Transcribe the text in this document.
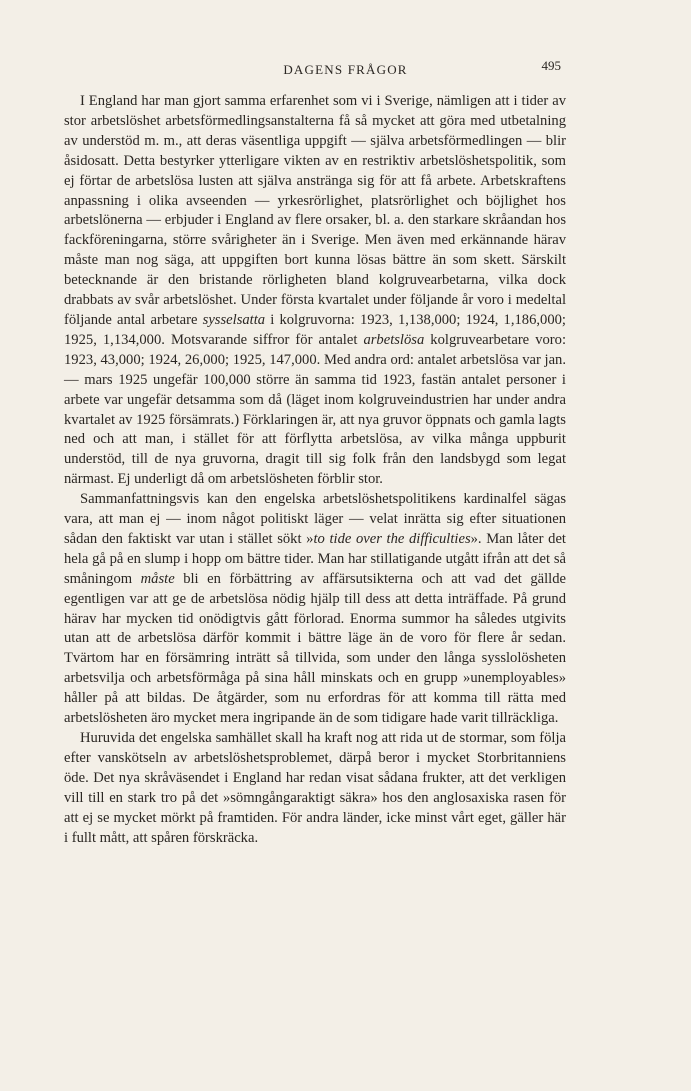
DAGENS FRÅGOR	495

I England har man gjort samma erfarenhet som vi i Sverige, nämligen att i tider av stor arbetslöshet arbetsförmedlingsanstalterna få så mycket att göra med utbetalning av understöd m. m., att deras väsentliga uppgift — själva arbetsförmedlingen — blir åsidosatt. Detta bestyrker ytterligare vikten av en restriktiv arbetslöshetspolitik, som ej förtar de arbetslösa lusten att själva anstränga sig för att få arbete. Arbetskraftens anpassning i olika avseenden — yrkesrörlighet, platsrörlighet och böjlighet hos arbetslönerna — erbjuder i England av flere orsaker, bl. a. den starkare skråandan hos fackföreningarna, större svårigheter än i Sverige. Men även med erkännande härav måste man nog säga, att uppgiften bort kunna lösas bättre än som skett. Särskilt betecknande är den bristande rörligheten bland kolgruvearbetarna, vilka dock drabbats av svår arbetslöshet. Under första kvartalet under följande år voro i medeltal följande antal arbetare sysselsatta i kolgruvorna: 1923, 1,138,000; 1924, 1,186,000; 1925, 1,134,000. Motsvarande siffror för antalet arbetslösa kolgruvearbetare voro: 1923, 43,000; 1924, 26,000; 1925, 147,000. Med andra ord: antalet arbetslösa var jan. — mars 1925 ungefär 100,000 större än samma tid 1923, fastän antalet personer i arbete var ungefär detsamma som då (läget inom kolgruveindustrien har under andra kvartalet av 1925 försämrats.) Förklaringen är, att nya gruvor öppnats och gamla lagts ned och att man, i stället för att förflytta arbetslösa, av vilka många uppburit understöd, till de nya gruvorna, dragit till sig folk från den landsbygd som legat närmast. Ej underligt då om arbetslösheten förblir stor.

Sammanfattningsvis kan den engelska arbetslöshetspolitikens kardinalfel sägas vara, att man ej — inom något politiskt läger — velat inrätta sig efter situationen sådan den faktiskt var utan i stället sökt »to tide over the difficulties». Man låter det hela gå på en slump i hopp om bättre tider. Man har stillatigande utgått ifrån att det så småningom måste bli en förbättring av affärsutsikterna och att vad det gällde egentligen var att ge de arbetslösa nödig hjälp till dess att detta inträffade. På grund härav har mycken tid onödigtvis gått förlorad. Enorma summor ha således utgivits utan att de arbetslösa därför kommit i bättre läge än de voro för flere år sedan. Tvärtom har en försämring inträtt så tillvida, som under den långa sysslolösheten arbetsvilja och arbetsförmåga på sina håll minskats och en grupp »unemployables» håller på att bildas. De åtgärder, som nu erfordras för att komma till rätta med arbetslösheten äro mycket mera ingripande än de som tidigare hade varit tillräckliga.

Huruvida det engelska samhället skall ha kraft nog att rida ut de stormar, som följa efter vanskötseln av arbetslöshetsproblemet, därpå beror i mycket Storbritanniens öde. Det nya skråväsendet i England har redan visat sådana frukter, att det verkligen vill till en stark tro på det »sömngångaraktigt säkra» hos den anglosaxiska rasen för att ej se mycket mörkt på framtiden. För andra länder, icke minst vårt eget, gäller här i fullt mått, att spåren förskräcka.
